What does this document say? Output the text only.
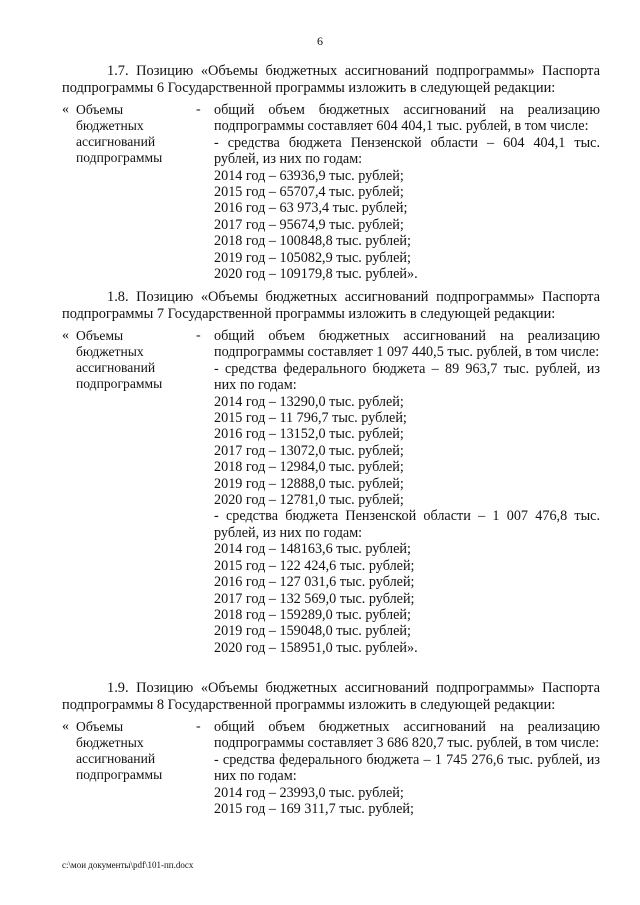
6

1.7. Позицию «Объемы бюджетных ассигнований подпрограммы» Паспорта подпрограммы 6 Государственной программы изложить в следующей редакции:

« Объемы
бюджетных
ассигнований
подпрограммы
- общий объем бюджетных ассигнований на реализацию подпрограммы составляет 604 404,1 тыс. рублей, в том числе:

- средства бюджета Пензенской области – 604 404,1 тыс. рублей, из них по годам:

2014 год – 63936,9 тыс. рублей;

2015 год – 65707,4 тыс. рублей;

2016 год – 63 973,4 тыс. рублей;

2017 год – 95674,9 тыс. рублей;

2018 год – 100848,8 тыс. рублей;

2019 год – 105082,9 тыс. рублей;

2020 год – 109179,8 тыс. рублей».

1.8. Позицию «Объемы бюджетных ассигнований подпрограммы» Паспорта подпрограммы 7 Государственной программы изложить в следующей редакции:

« Объемы
бюджетных
ассигнований
подпрограммы
- общий объем бюджетных ассигнований на реализацию подпрограммы составляет 1 097 440,5 тыс. рублей, в том числе:

- средства федерального бюджета – 89 963,7 тыс. рублей, из них по годам:

2014 год – 13290,0 тыс. рублей;

2015 год – 11 796,7 тыс. рублей;

2016 год – 13152,0 тыс. рублей;

2017 год – 13072,0 тыс. рублей;

2018 год – 12984,0 тыс. рублей;

2019 год – 12888,0 тыс. рублей;

2020 год – 12781,0 тыс. рублей;

- средства бюджета Пензенской области – 1 007 476,8 тыс. рублей, из них по годам:

2014 год – 148163,6 тыс. рублей;

2015 год – 122 424,6 тыс. рублей;

2016 год – 127 031,6 тыс. рублей;

2017 год – 132 569,0 тыс. рублей;

2018 год – 159289,0 тыс. рублей;

2019 год – 159048,0 тыс. рублей;

2020 год – 158951,0 тыс. рублей».

1.9. Позицию «Объемы бюджетных ассигнований подпрограммы» Паспорта подпрограммы 8 Государственной программы изложить в следующей редакции:

« Объемы
бюджетных
ассигнований
подпрограммы
- общий объем бюджетных ассигнований на реализацию подпрограммы составляет 3 686 820,7 тыс. рублей, в том числе:

- средства федерального бюджета – 1 745 276,6 тыс. рублей, из них по годам:

2014 год – 23993,0 тыс. рублей;

2015 год – 169 311,7 тыс. рублей;

c:\мои документы\pdf\101-пп.docx
